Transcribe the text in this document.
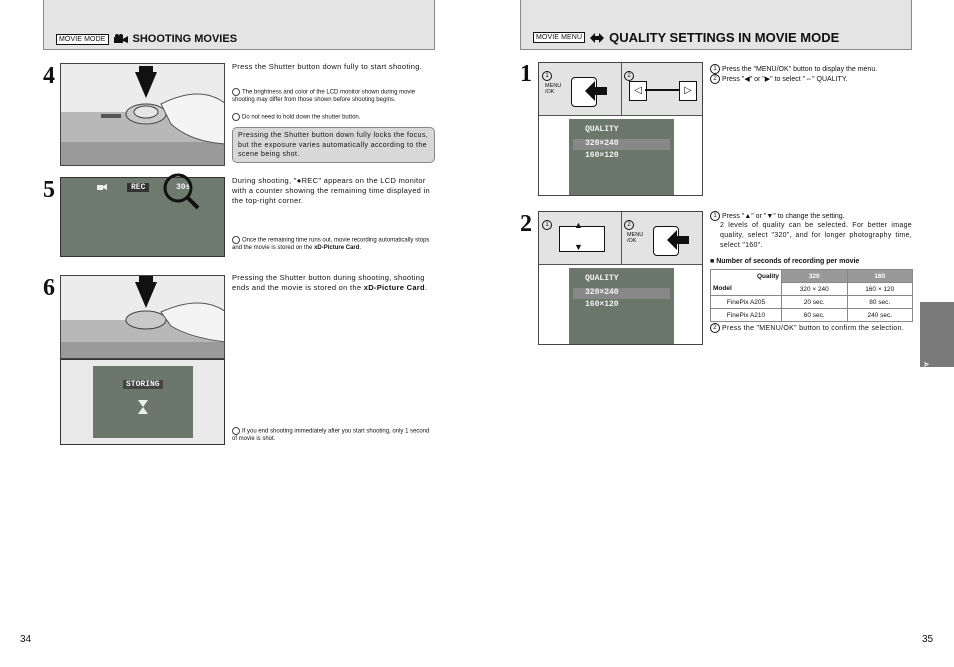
MOVIE MODE SHOOTING MOVIES
4	Press the Shutter button down fully to start shooting.
The brightness and color of the LCD monitor shown during movie shooting may differ from those shown before shooting begins.
Do not need to hold down the shutter button.
Pressing the Shutter button down fully locks the focus, but the exposure varies automatically according to the scene being shot.
5	REC	30s
During shooting, "●REC" appears on the LCD monitor with a counter showing the remaining time displayed in the top-right corner.
Once the remaining time runs out, movie recording automatically stops and the movie is stored on the xD-Picture Card.
6
STORING
Pressing the Shutter button during shooting, shooting ends and the movie is stored on the xD-Picture Card.
If you end shooting immediately after you start shooting, only 1 second of movie is shot.
34
MOVIE MENU QUALITY SETTINGS IN MOVIE MODE
1	1
MENU
/OK
2
◁	▷
QUALITY
320×240
160×120
1 Press the "MENU/OK" button to display the menu.
2 Press "◀" or "▶" to select "⇔" QUALITY.
2	1	▲
▼
2
MENU
/OK
QUALITY
320×240
160×120
1 Press "▲" or "▼" to change the setting.
2 levels of quality can be selected. For better image quality, select "320", and for longer photography time, select "160".
■ Number of seconds of recording per movie
Quality	320	160
Model	320 × 240	160 × 120
FinePix A205	20 sec.	80 sec.
FinePix A210	60 sec.	240 sec.
2 Press the "MENU/OK" button to confirm the selection.
Advanced Features
35
